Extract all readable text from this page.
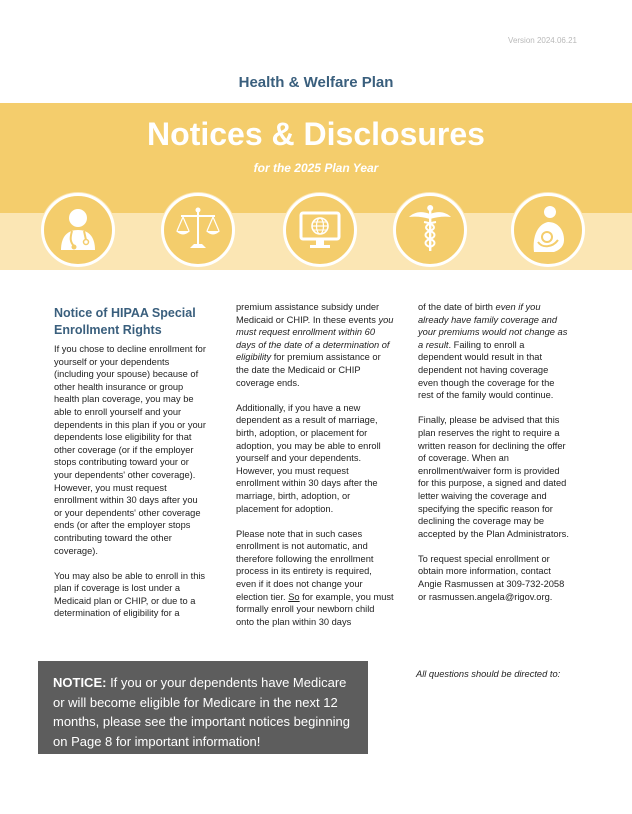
Version 2024.06.21
Health & Welfare Plan
Notices & Disclosures
for the 2025 Plan Year
Notice of HIPAA Special Enrollment Rights

If you chose to decline enrollment for yourself or your dependents (including your spouse) because of other health insurance or group health plan coverage, you may be able to enroll yourself and your dependents in this plan if you or your dependents lose eligibility for that other coverage (or if the employer stops contributing toward your or your dependents' other coverage). However, you must request enrollment within 30 days after you or your dependents' other coverage ends (or after the employer stops contributing toward the other coverage).

You may also be able to enroll in this plan if coverage is lost under a Medicaid plan or CHIP, or due to a determination of eligibility for a

premium assistance subsidy under Medicaid or CHIP. In these events you must request enrollment within 60 days of the date of a determination of eligibility for premium assistance or the date the Medicaid or CHIP coverage ends.

Additionally, if you have a new dependent as a result of marriage, birth, adoption, or placement for adoption, you may be able to enroll yourself and your dependents. However, you must request enrollment within 30 days after the marriage, birth, adoption, or placement for adoption.

Please note that in such cases enrollment is not automatic, and therefore following the enrollment process in its entirety is required, even if it does not change your election tier. So for example, you must formally enroll your newborn child onto the plan within 30 days

of the date of birth even if you already have family coverage and your premiums would not change as a result. Failing to enroll a dependent would result in that dependent not having coverage even though the coverage for the rest of the family would continue.

Finally, please be advised that this plan reserves the right to require a written reason for declining the offer of coverage. When an enrollment/waiver form is provided for this purpose, a signed and dated letter waiving the coverage and specifying the specific reason for declining the coverage may be accepted by the Plan Administrators.

To request special enrollment or obtain more information, contact Angie Rasmussen at 309-732-2058 or rasmussen.angela@rigov.org.

NOTICE: If you or your dependents have Medicare or will become eligible for Medicare in the next 12 months, please see the important notices beginning on Page 8 for important information!
All questions should be directed to:
